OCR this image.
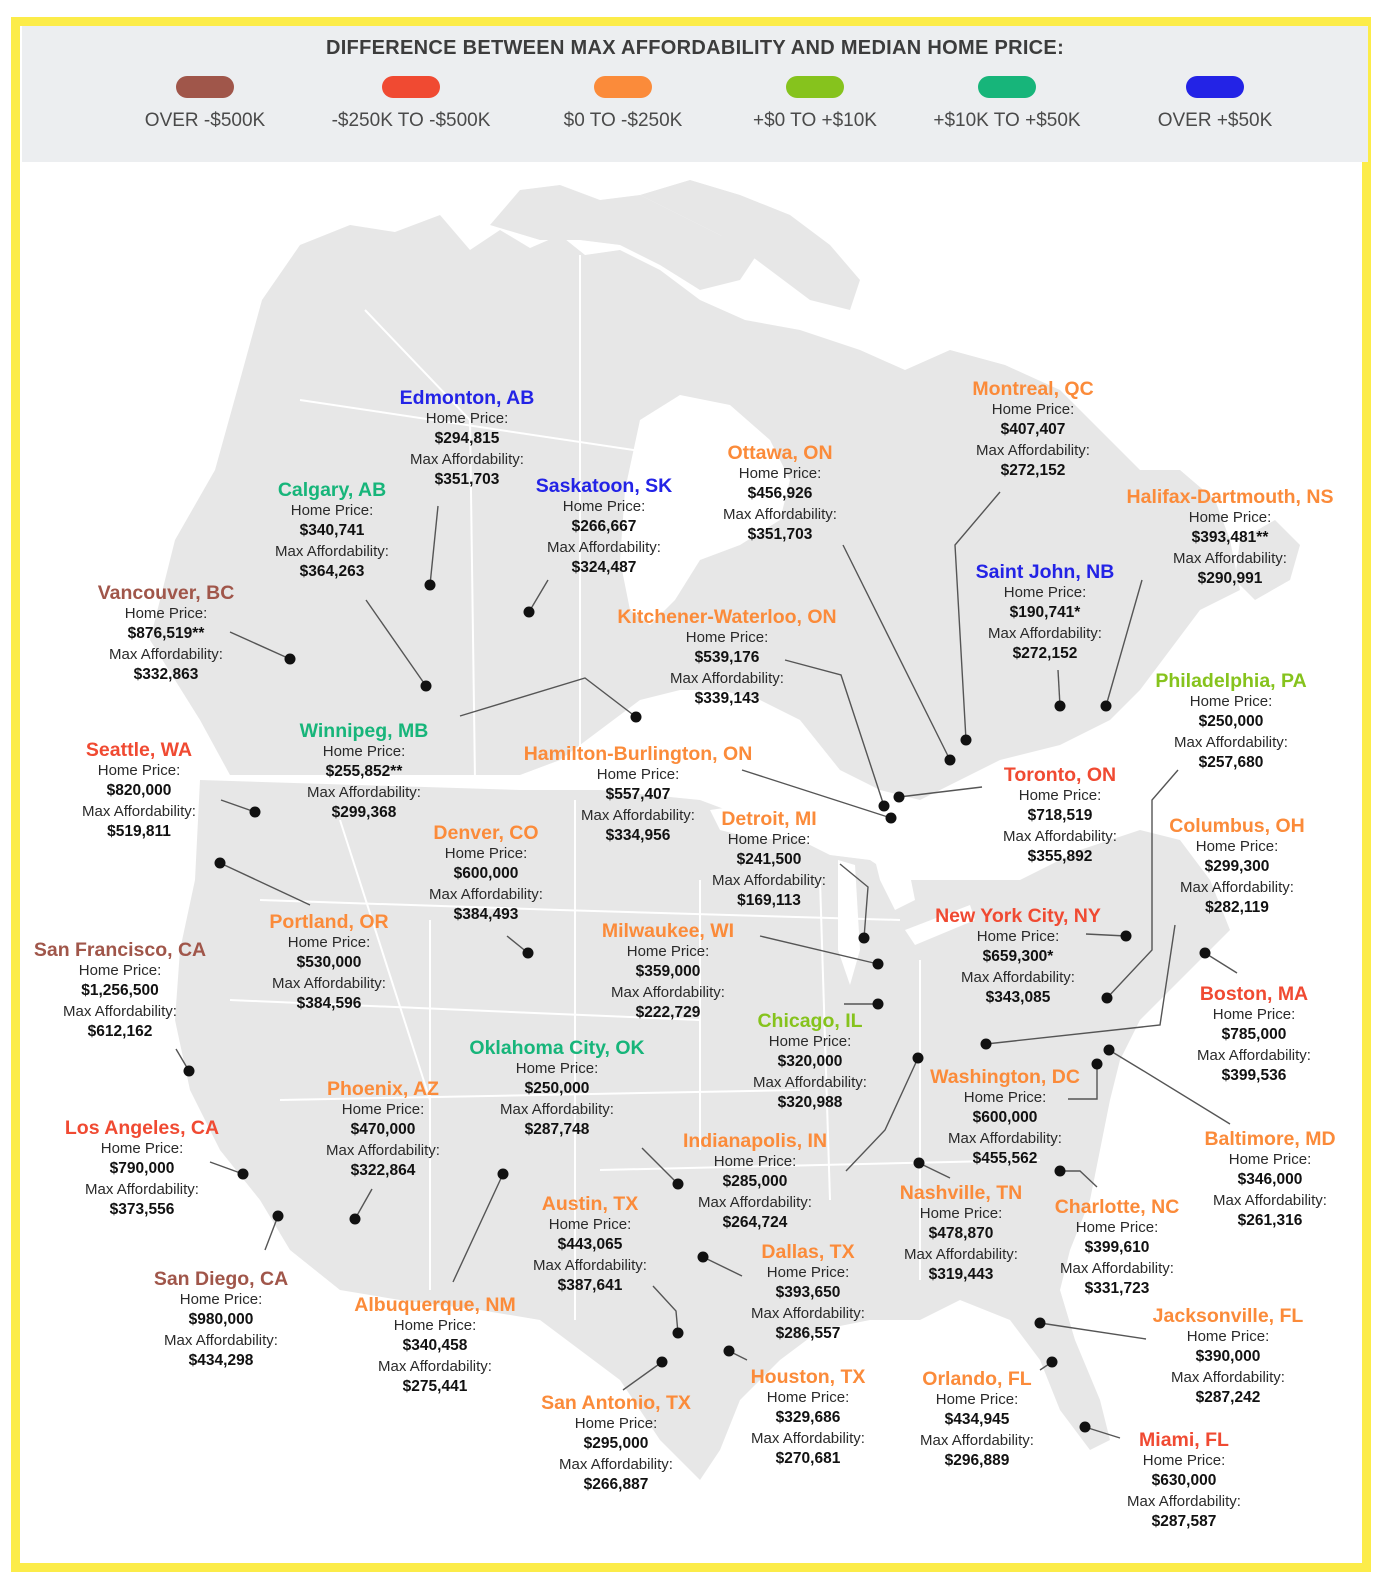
DIFFERENCE BETWEEN MAX AFFORDABILITY AND MEDIAN HOME PRICE:
OVER -$500K	-$250K TO -$500K	$0 TO -$250K	+$0 TO +$10K	+$10K TO +$50K	OVER +$50K
Edmonton, AB
Home Price:
$294,815
Max Affordability:
$351,703
Calgary, AB
Home Price:
$340,741
Max Affordability:
$364,263
Saskatoon, SK
Home Price:
$266,667
Max Affordability:
$324,487
Vancouver, BC
Home Price:
$876,519**
Max Affordability:
$332,863
Winnipeg, MB
Home Price:
$255,852**
Max Affordability:
$299,368
Ottawa, ON
Home Price:
$456,926
Max Affordability:
$351,703
Montreal, QC
Home Price:
$407,407
Max Affordability:
$272,152
Halifax-Dartmouth, NS
Home Price:
$393,481**
Max Affordability:
$290,991
Saint John, NB
Home Price:
$190,741*
Max Affordability:
$272,152
Kitchener-Waterloo, ON
Home Price:
$539,176
Max Affordability:
$339,143
Philadelphia, PA
Home Price:
$250,000
Max Affordability:
$257,680
Hamilton-Burlington, ON
Home Price:
$557,407
Max Affordability:
$334,956
Toronto, ON
Home Price:
$718,519
Max Affordability:
$355,892
Seattle, WA
Home Price:
$820,000
Max Affordability:
$519,811	Denver, CO
Home Price:
$600,000
Max Affordability:
$384,493
Detroit, MI
Home Price:
$241,500
Max Affordability:
$169,113
Columbus, OH
Home Price:
$299,300
Max Affordability:
$282,119
Portland, OR
Home Price:
$530,000
Max Affordability:
$384,596
New York City, NY
Home Price:
$659,300*
Max Affordability:
$343,085
San Francisco, CA
Home Price:
$1,256,500
Max Affordability:
$612,162
Milwaukee, WI
Home Price:
$359,000
Max Affordability:
$222,729
Boston, MA
Home Price:
$785,000
Max Affordability:
$399,536
Chicago, IL
Home Price:
$320,000
Max Affordability:
$320,988
Oklahoma City, OK
Home Price:
$250,000
Max Affordability:
$287,748
Phoenix, AZ
Home Price:
$470,000
Max Affordability:
$322,864
Washington, DC
Home Price:
$600,000
Max Affordability:
$455,562
Los Angeles, CA
Home Price:
$790,000
Max Affordability:
$373,556
Indianapolis, IN
Home Price:
$285,000
Max Affordability:
$264,724
Baltimore, MD
Home Price:
$346,000
Max Affordability:
$261,316
Austin, TX
Home Price:
$443,065
Max Affordability:
$387,641
Nashville, TN
Home Price:
$478,870
Max Affordability:
$319,443
Charlotte, NC
Home Price:
$399,610
Max Affordability:
$331,723
Dallas, TX
Home Price:
$393,650
Max Affordability:
$286,557
San Diego, CA
Home Price:
$980,000
Max Affordability:
$434,298
Albuquerque, NM
Home Price:
$340,458
Max Affordability:
$275,441
Jacksonville, FL
Home Price:
$390,000
Max Affordability:
$287,242
Houston, TX
Home Price:
$329,686
Max Affordability:
$270,681
Orlando, FL
Home Price:
$434,945
Max Affordability:
$296,889
San Antonio, TX
Home Price:
$295,000
Max Affordability:
$266,887
Miami, FL
Home Price:
$630,000
Max Affordability:
$287,587
